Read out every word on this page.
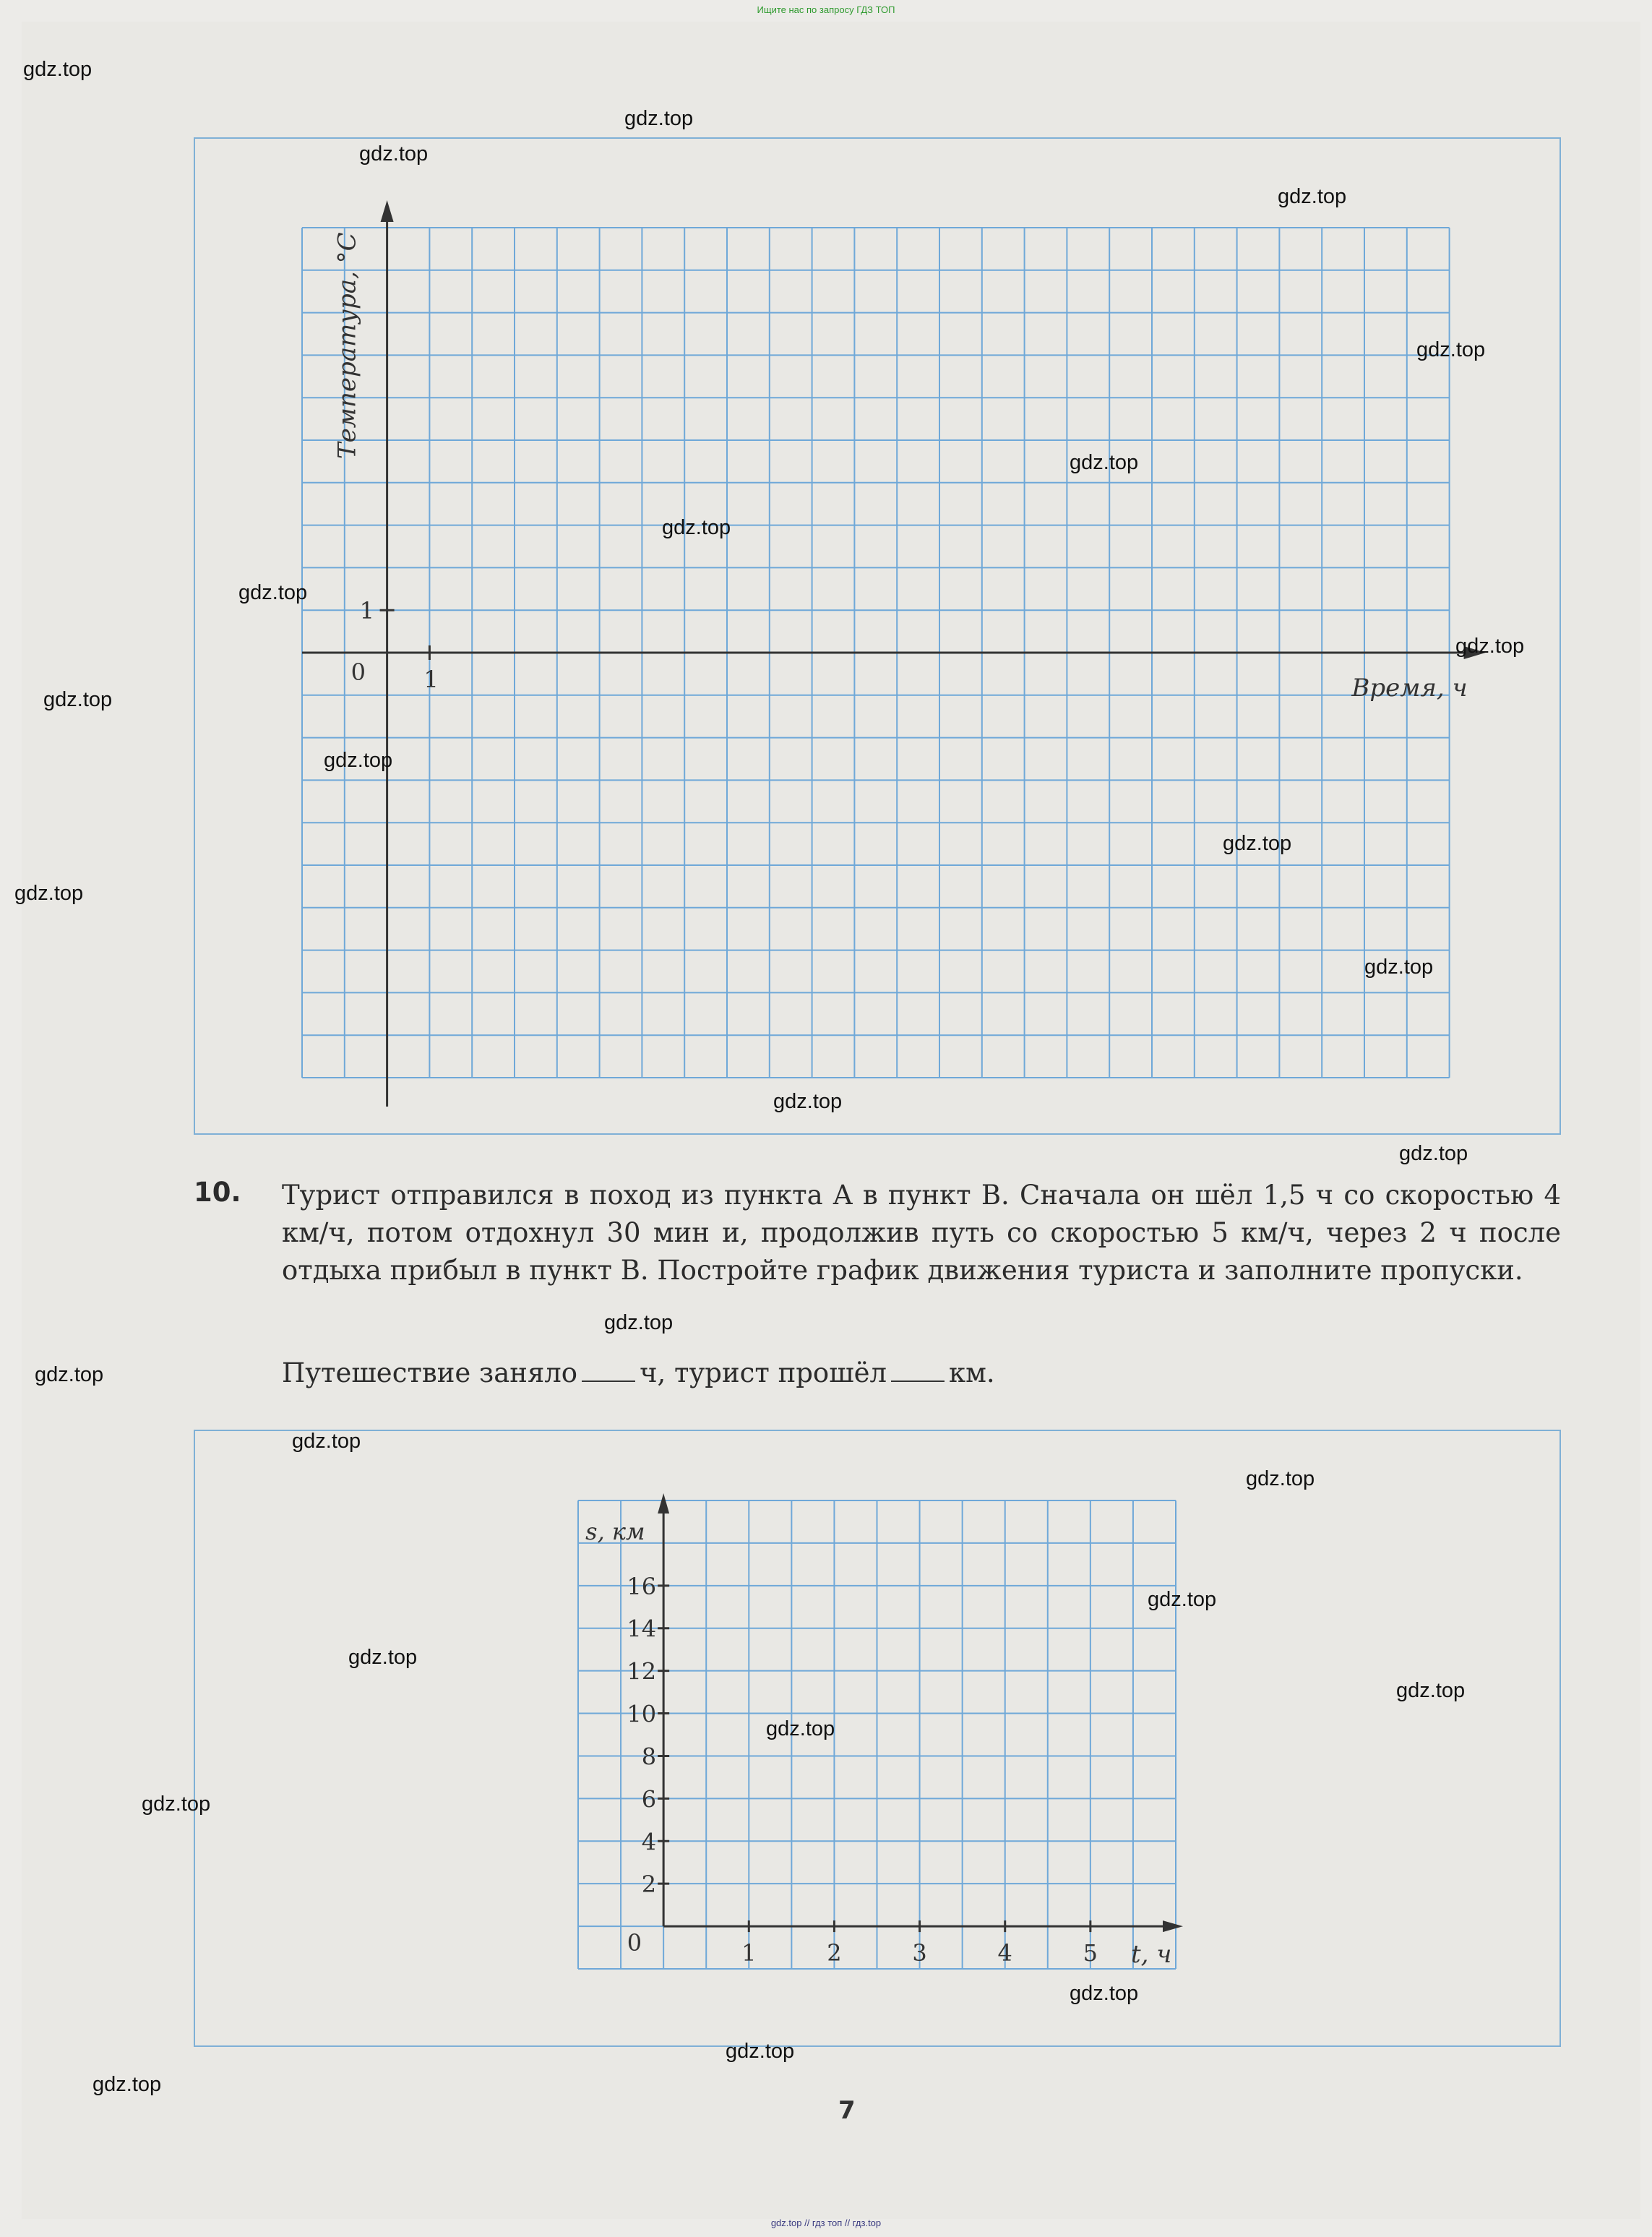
Ищите нас по запросу ГДЗ ТОП
0
1
1	Время, ч
Температура, °С
10. Турист отправился в поход из пункта A в пункт B. Сначала он шёл 1,5 ч со скоростью 4 км/ч, потом отдохнул 30 мин и, продолжив путь со скоростью 5 км/ч, через 2 ч после отдыха прибыл в пункт B. Постройте график движения туриста и заполните пропуски.
Путешествие заняло ч, турист прошёл км.
2
4
6
8
10
12
14
16
1	2	3	4	5
0
s, км
t, ч
7
gdz.top // гдз топ // гдз.top
gdz.top
gdz.top
gdz.top
gdz.top
gdz.top
gdz.top
gdz.top
gdz.top
gdz.top
gdz.top
gdz.top
gdz.top
gdz.top
gdz.top
gdz.top
gdz.top
gdz.top
gdz.top
gdz.top
gdz.top
gdz.top
gdz.top
gdz.top
gdz.top
gdz.top
gdz.top
gdz.top
gdz.top
